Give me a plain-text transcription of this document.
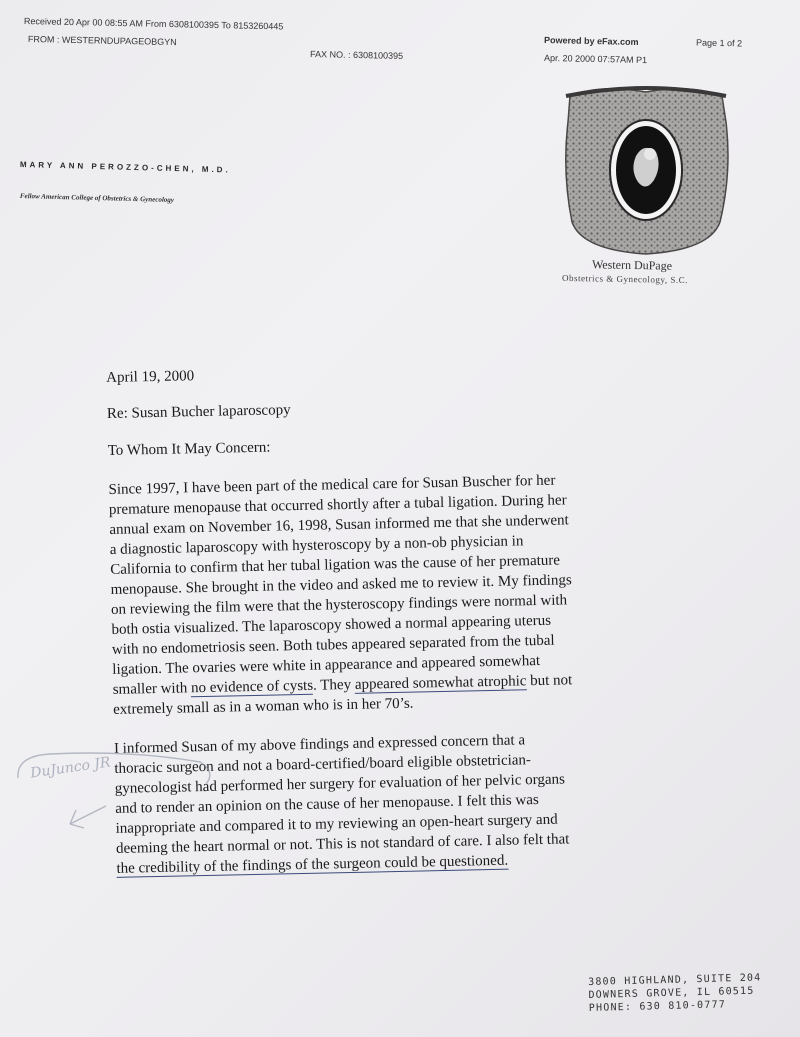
Received 20 Apr 00 08:55 AM From 6308100395 To 8153260445
FROM : WESTERNDUPAGEOBGYN
FAX NO. : 6308100395
Powered by eFax.com	Page 1 of 2
Apr. 20 2000 07:57AM P1
MARY ANN PEROZZO-CHEN, M.D.
Fellow American College of Obstetrics & Gynecology
Western DuPage
Obstetrics & Gynecology, S.C.

April 19, 2000

Re: Susan Bucher laparoscopy

To Whom It May Concern:

Since 1997, I have been part of the medical care for Susan Buscher for her
premature menopause that occurred shortly after a tubal ligation. During her
annual exam on November 16, 1998, Susan informed me that she underwent
a diagnostic laparoscopy with hysteroscopy by a non-ob physician in
California to confirm that her tubal ligation was the cause of her premature
menopause. She brought in the video and asked me to review it. My findings
on reviewing the film were that the hysteroscopy findings were normal with
both ostia visualized. The laparoscopy showed a normal appearing uterus
with no endometriosis seen. Both tubes appeared separated from the tubal
ligation. The ovaries were white in appearance and appeared somewhat
smaller with no evidence of cysts. They appeared somewhat atrophic but not
extremely small as in a woman who is in her 70’s.

I informed Susan of my above findings and expressed concern that a
thoracic surgeon and not a board-certified/board eligible obstetrician-
gynecologist had performed her surgery for evaluation of her pelvic organs
and to render an opinion on the cause of her menopause. I felt this was
inappropriate and compared it to my reviewing an open-heart surgery and
deeming the heart normal or not. This is not standard of care. I also felt that
the credibility of the findings of the surgeon could be questioned.

DuJunco JR
3800 HIGHLAND, SUITE 204
DOWNERS GROVE, IL 60515
PHONE: 630 810-0777
